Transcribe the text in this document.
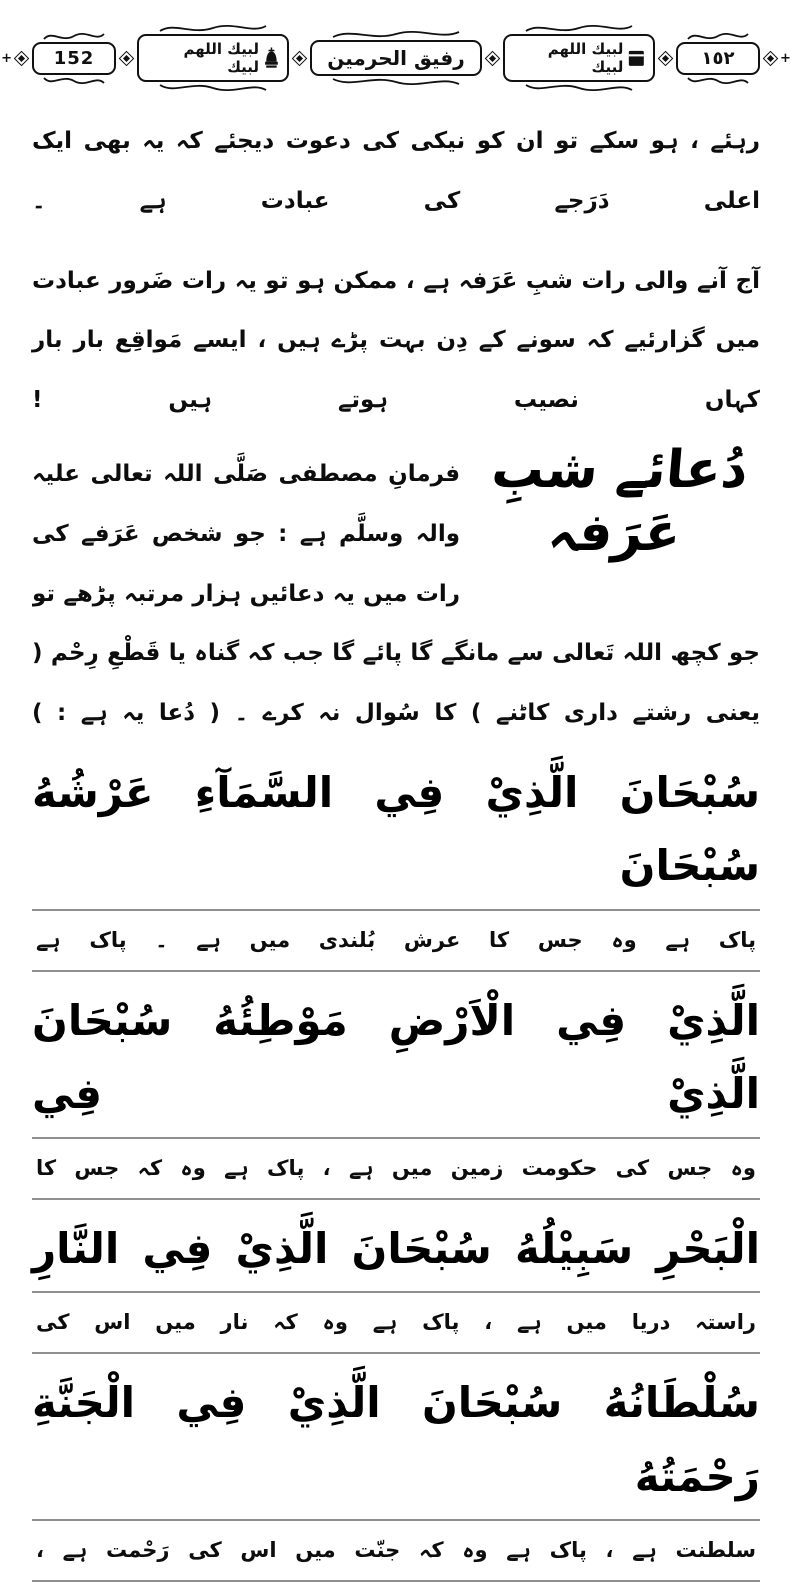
+	152	لبيك اللهم لبيك	رفيق الحرمين	لبيك اللهم لبيك	١٥٢	+

رہئے ، ہو سکے تو ان کو نیکی کی دعوت دیجئے کہ یہ بھی ایک اعلی دَرَجے کی عبادت ہے ۔

آج آنے والی رات شبِ عَرَفہ ہے ، ممکن ہو تو یہ رات ضَرور عبادت میں گزارئیے کہ سونے کے دِن بہت پڑے ہیں ، ایسے مَواقِع بار بار کہاں نصیب ہوتے ہیں !

دُعائے شبِ عَرَفہ

فرمانِ مصطفی صَلَّی اللہ تعالی علیہ والہ وسلَّم ہے : جو شخص عَرَفے کی رات میں یہ دعائیں ہزار مرتبہ پڑھے تو جو کچھ اللہ تَعالی سے مانگے گا پائے گا جب کہ گناہ یا قَطْعِ رِحْم ( یعنی رشتے داری کاٹنے ) کا سُوال نہ کرے ۔ ( دُعا یہ ہے : )

سُبْحَانَ الَّذِيْ فِي السَّمَآءِ عَرْشُهُ سُبْحَانَ
پاک ہے وہ جس کا عرش بُلندی میں ہے ۔ پاک ہے
الَّذِيْ فِي الْاَرْضِ مَوْطِئُهُ سُبْحَانَ الَّذِيْ فِي
وہ جس کی حکومت زمین میں ہے ، پاک ہے وہ کہ جس کا
الْبَحْرِ سَبِيْلُهُ سُبْحَانَ الَّذِيْ فِي النَّارِ
راستہ دریا میں ہے ، پاک ہے وہ کہ نار میں اس کی
سُلْطَانُهُ سُبْحَانَ الَّذِيْ فِي الْجَنَّةِ رَحْمَتُهُ
سلطنت ہے ، پاک ہے وہ کہ جنّت میں اس کی رَحْمت ہے ،
